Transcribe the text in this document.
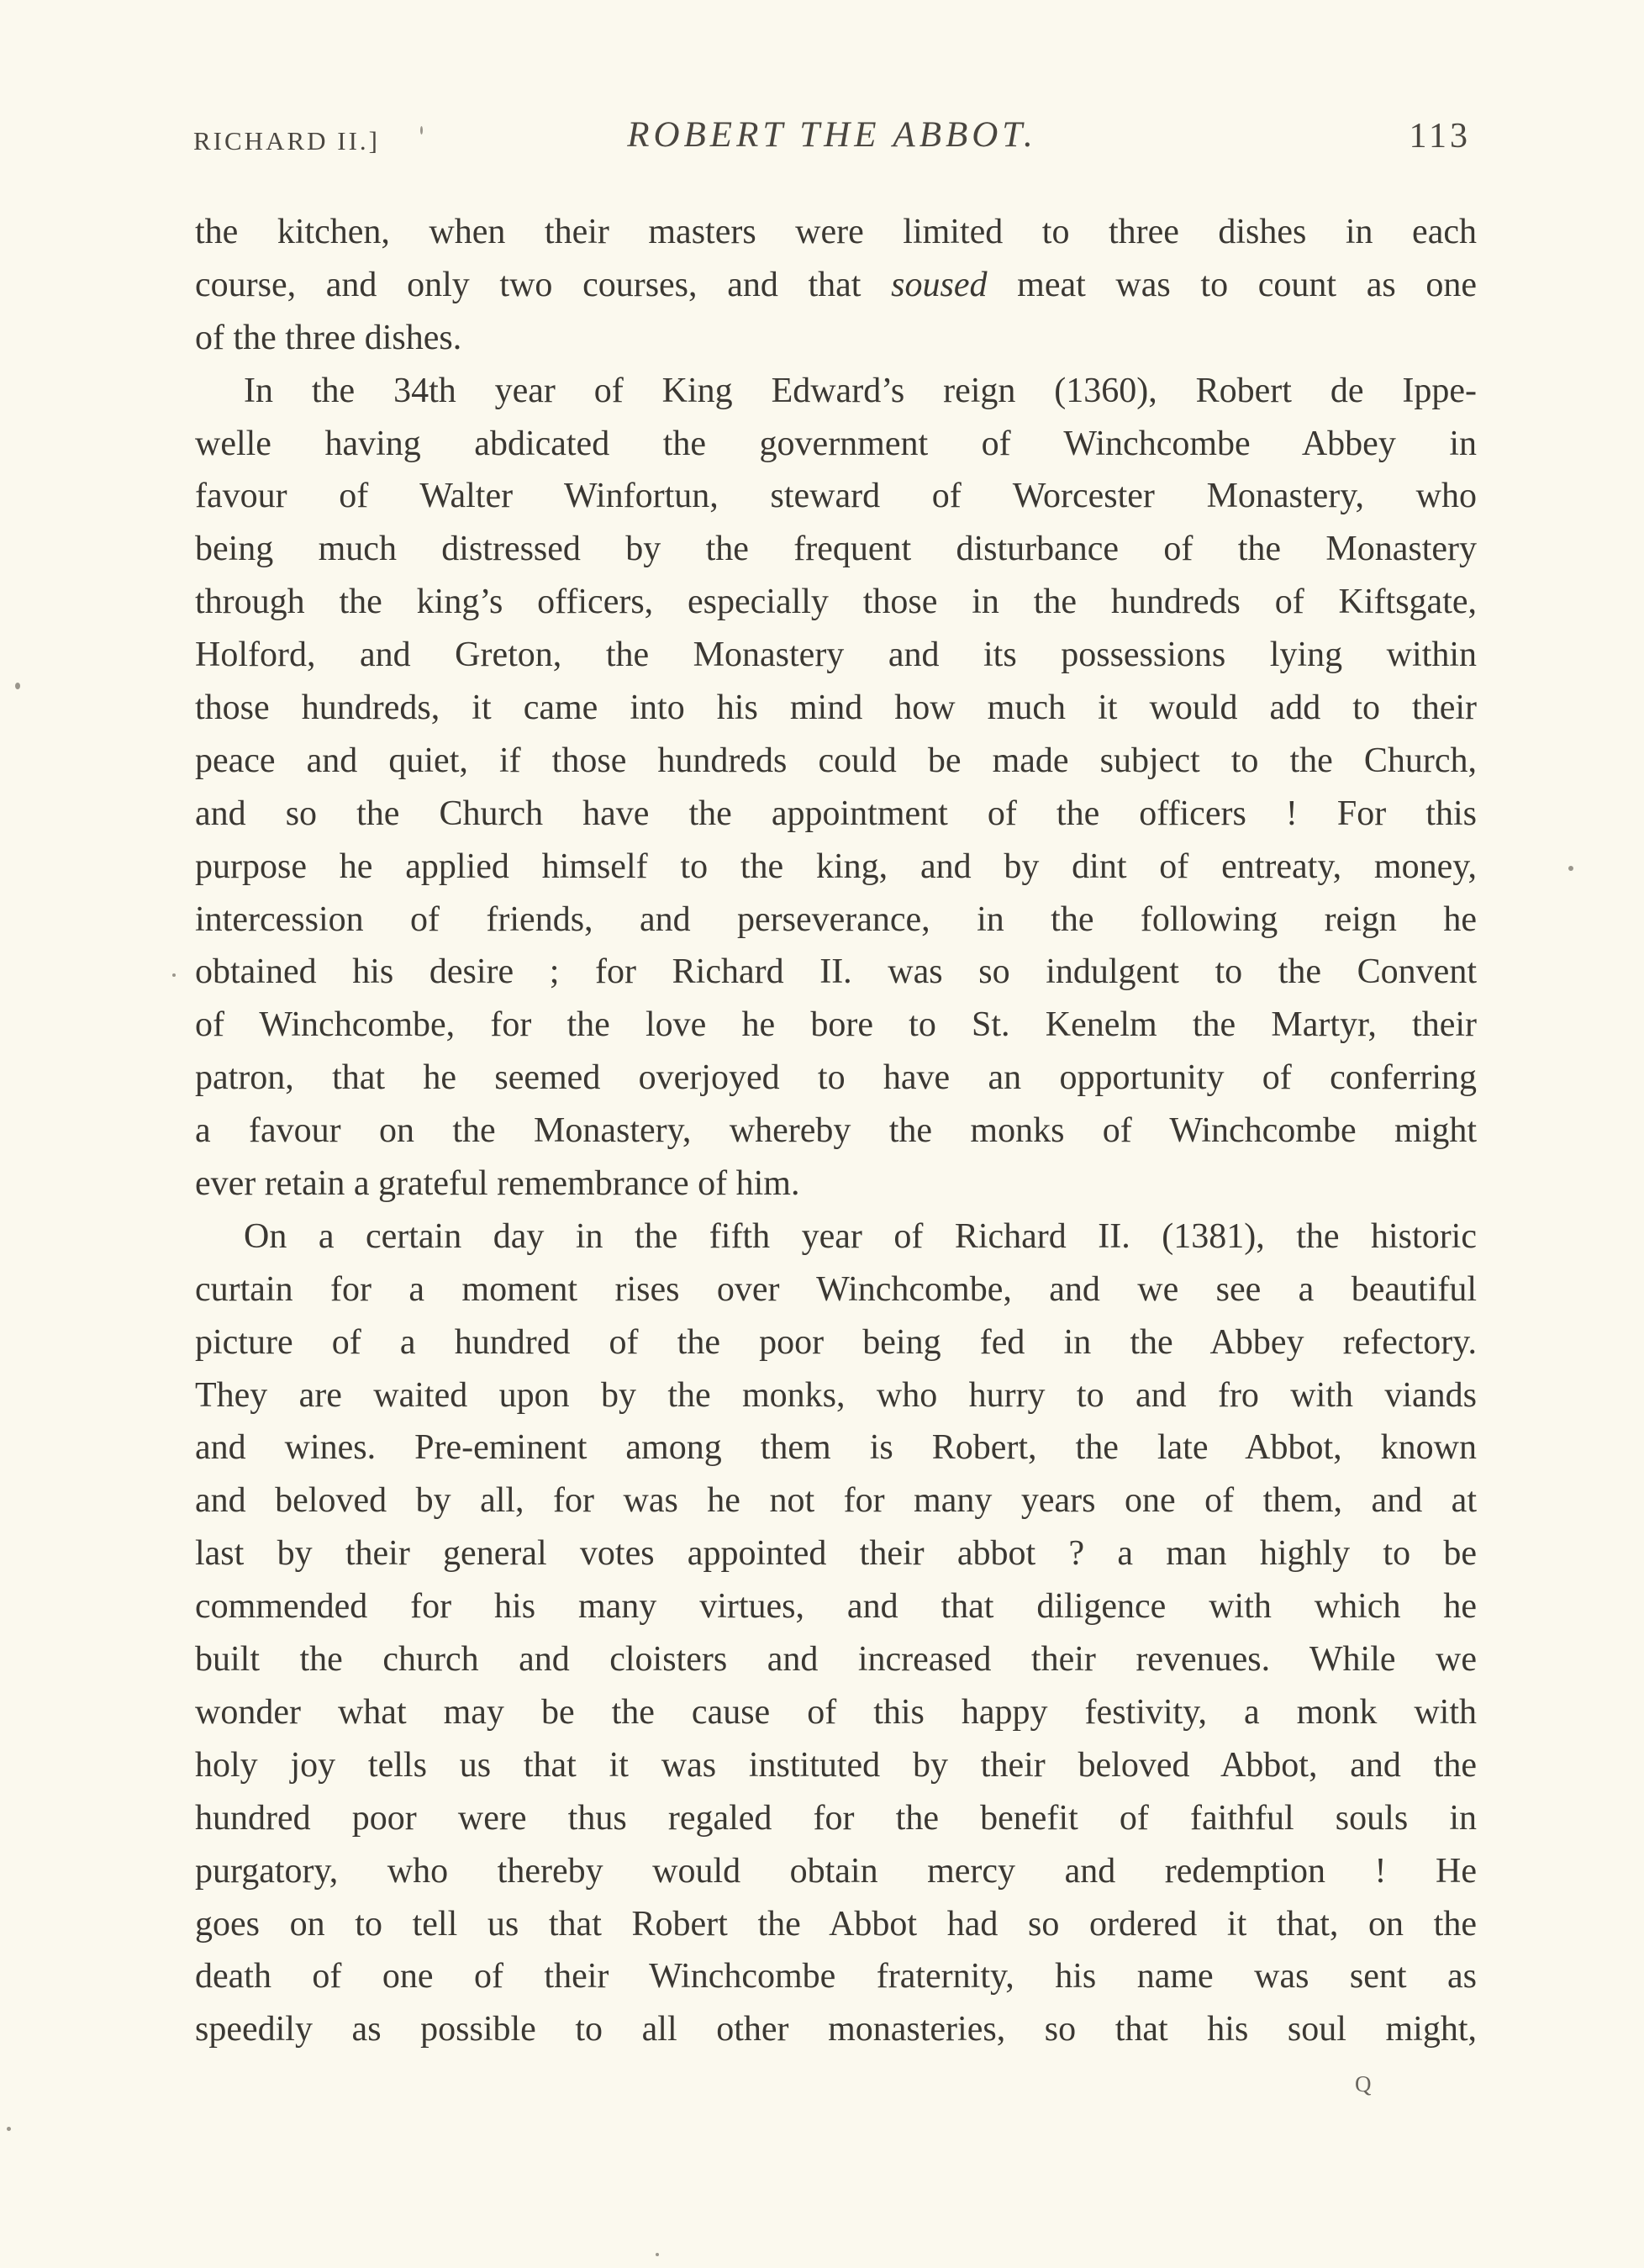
RICHARD II.]	ROBERT THE ABBOT.	113
the kitchen, when their masters were limited to three dishes in each
course, and only two courses, and that soused meat was to count as one
of the three dishes.
In the 34th year of King Edward’s reign (1360), Robert de Ippe-
welle having abdicated the government of Winchcombe Abbey in
favour of Walter Winfortun, steward of Worcester Monastery, who
being much distressed by the frequent disturbance of the Monastery
through the king’s officers, especially those in the hundreds of Kiftsgate,
Holford, and Greton, the Monastery and its possessions lying within
those hundreds, it came into his mind how much it would add to their
peace and quiet, if those hundreds could be made subject to the Church,
and so the Church have the appointment of the officers ! For this
purpose he applied himself to the king, and by dint of entreaty, money,
intercession of friends, and perseverance, in the following reign he
obtained his desire ; for Richard II. was so indulgent to the Convent
of Winchcombe, for the love he bore to St. Kenelm the Martyr, their
patron, that he seemed overjoyed to have an opportunity of conferring
a favour on the Monastery, whereby the monks of Winchcombe might
ever retain a grateful remembrance of him.
On a certain day in the fifth year of Richard II. (1381), the historic
curtain for a moment rises over Winchcombe, and we see a beautiful
picture of a hundred of the poor being fed in the Abbey refectory.
They are waited upon by the monks, who hurry to and fro with viands
and wines. Pre-eminent among them is Robert, the late Abbot, known
and beloved by all, for was he not for many years one of them, and at
last by their general votes appointed their abbot ? a man highly to be
commended for his many virtues, and that diligence with which he
built the church and cloisters and increased their revenues. While we
wonder what may be the cause of this happy festivity, a monk with
holy joy tells us that it was instituted by their beloved Abbot, and the
hundred poor were thus regaled for the benefit of faithful souls in
purgatory, who thereby would obtain mercy and redemption ! He
goes on to tell us that Robert the Abbot had so ordered it that, on the
death of one of their Winchcombe fraternity, his name was sent as
speedily as possible to all other monasteries, so that his soul might,
Q
